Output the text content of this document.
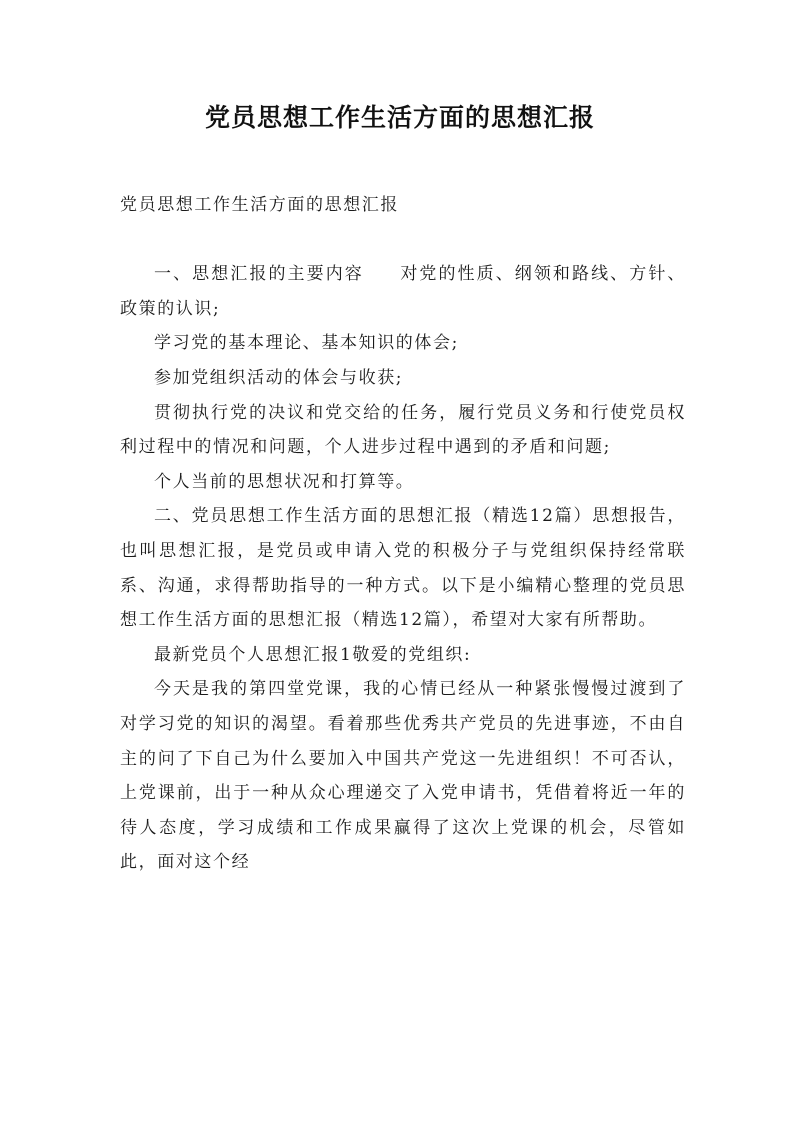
党员思想工作生活方面的思想汇报

党员思想工作生活方面的思想汇报

一、思想汇报的主要内容 对党的性质、纲领和路线、方针、政策的认识;

学习党的基本理论、基本知识的体会;

参加党组织活动的体会与收获;

贯彻执行党的决议和党交给的任务，履行党员义务和行使党员权利过程中的情况和问题，个人进步过程中遇到的矛盾和问题;

个人当前的思想状况和打算等。

二、党员思想工作生活方面的思想汇报（精选12篇）思想报告，也叫思想汇报，是党员或申请入党的积极分子与党组织保持经常联系、沟通，求得帮助指导的一种方式。以下是小编精心整理的党员思想工作生活方面的思想汇报（精选12篇），希望对大家有所帮助。

最新党员个人思想汇报1敬爱的党组织:

今天是我的第四堂党课，我的心情已经从一种紧张慢慢过渡到了对学习党的知识的渴望。看着那些优秀共产党员的先进事迹，不由自主的问了下自己为什么要加入中国共产党这一先进组织！不可否认，上党课前，出于一种从众心理递交了入党申请书，凭借着将近一年的待人态度，学习成绩和工作成果赢得了这次上党课的机会，尽管如此，面对这个经
